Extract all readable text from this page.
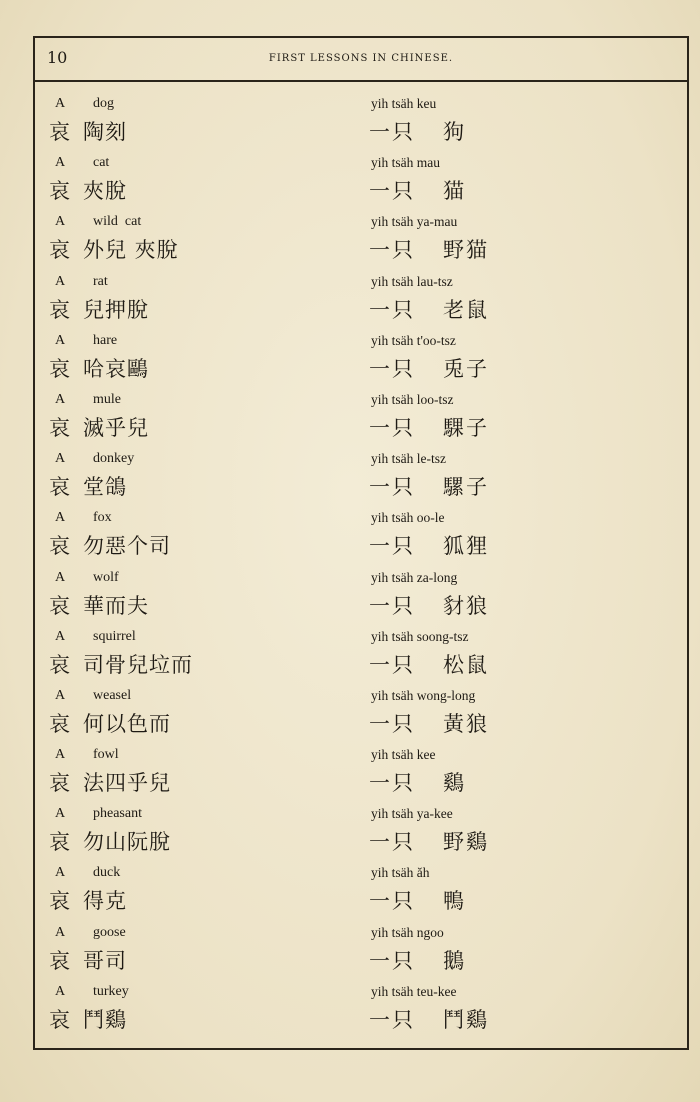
10	FIRST LESSONS IN CHINESE.
A dog
哀 陶刻
yih tsäh keu
一只 狗
A cat
哀 夾脫
yih tsäh mau
一只 猫
A wild  cat
哀 外兒 夾脫
yih tsäh ya-mau
一只 野猫
A rat
哀 兒押脫
yih tsäh lau-tsz
一只 老鼠
A hare
哀 哈哀鷗
yih tsäh t'oo-tsz
一只 兎子
A mule
哀 滅乎兒
yih tsäh loo-tsz
一只 騍子
A donkey
哀 堂鴿
yih tsäh le-tsz
一只 騾子
A fox
哀 勿惡个司
yih tsäh oo-le
一只 狐狸
A wolf
哀 華而夫
yih tsäh za-long
一只 豺狼
A squirrel
哀 司骨兒垃而
yih tsäh soong-tsz
一只 松鼠
A weasel
哀 何以色而
yih tsäh wong-long
一只 黃狼
A fowl
哀 法四乎兒
yih tsäh kee
一只 鷄
A pheasant
哀 勿山阮脫
yih tsäh ya-kee
一只 野鷄
A duck
哀 得克
yih tsäh ăh
一只 鴨
A goose
哀 哥司
yih tsäh ngoo
一只 鵝
A turkey
哀 鬥鷄
yih tsäh teu-kee
一只 鬥鷄
